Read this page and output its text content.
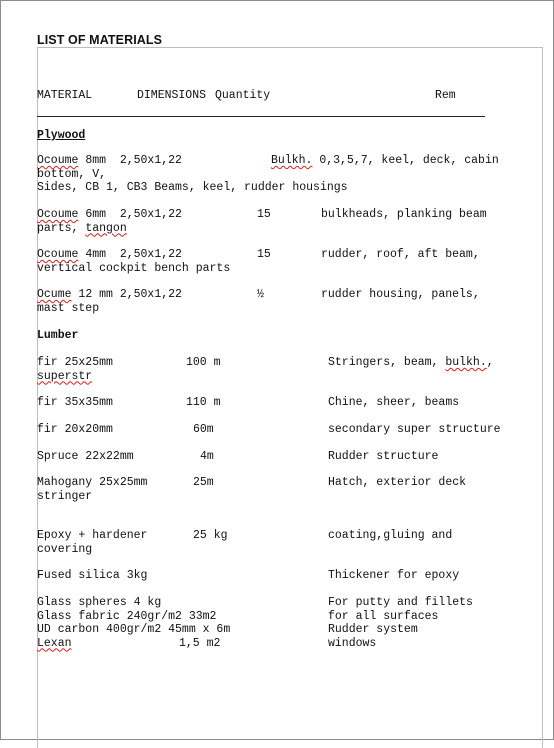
LIST OF MATERIALS
MATERIAL	DIMENSIONS Quantity	Rem
Plywood
Ocoume 8mm  2,50x1,22	Bulkh. 0,3,5,7, keel, deck, cabin
bottom, V,
Sides, CB 1, CB3 Beams, keel, rudder housings
Ocoume 6mm  2,50x1,22	15	bulkheads, planking beam
parts, tangon
Ocoume 4mm  2,50x1,22	15	rudder, roof, aft beam,
vertical cockpit bench parts
Ocume 12 mm 2,50x1,22	½	rudder housing, panels,
mast step
Lumber
fir 25x25mm	100 m	Stringers, beam, bulkh.,
superstr
fir 35x35mm	110 m	Chine, sheer, beams
fir 20x20mm	60m	secondary super structure
Spruce 22x22mm	4m	Rudder structure
Mahogany 25x25mm	25m	Hatch, exterior deck
stringer
Epoxy + hardener	25 kg	coating,gluing and
covering
Fused silica 3kg	Thickener for epoxy
Glass spheres 4 kg	For putty and fillets
Glass fabric 240gr/m2 33m2	for all surfaces
UD carbon 400gr/m2 45mm x 6m	Rudder system
Lexan	1,5 m2	windows
